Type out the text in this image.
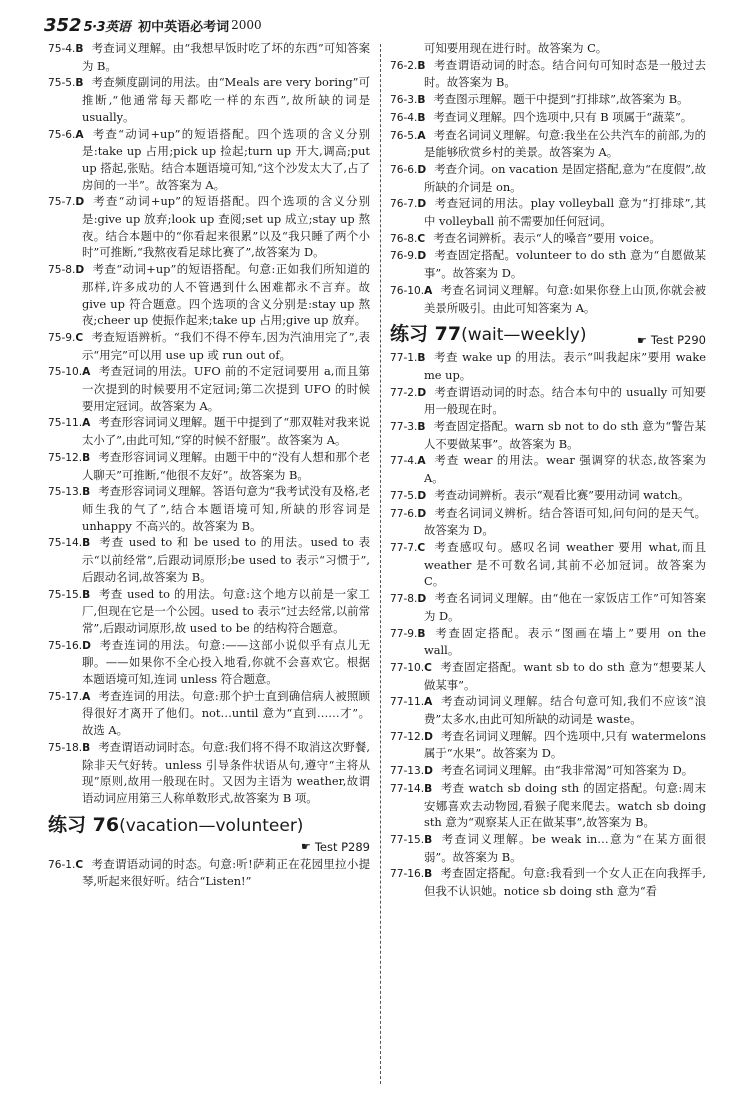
352 5·3英语 初中英语必考词 2000

75-4.B 考查词义理解。由“我想早饭时吃了坏的东西”可知答案为 B。

75-5.B 考查频度副词的用法。由“Meals are very boring”可推断,“他通常每天都吃一样的东西”,故所缺的词是 usually。

75-6.A 考查“动词+up”的短语搭配。四个选项的含义分别是:take up 占用;pick up 捡起;turn up 开大,调高;put up 搭起,张贴。结合本题语境可知,“这个沙发太大了,占了房间的一半”。故答案为 A。

75-7.D 考查“动词+up”的短语搭配。四个选项的含义分别是:give up 放弃;look up 查阅;set up 成立;stay up 熬夜。结合本题中的“你看起来很累”以及“我只睡了两个小时”可推断,“我熬夜看足球比赛了”,故答案为 D。

75-8.D 考查“动词+up”的短语搭配。句意:正如我们所知道的那样,许多成功的人不管遇到什么困难都永不言弃。故 give up 符合题意。四个选项的含义分别是:stay up 熬夜;cheer up 使振作起来;take up 占用;give up 放弃。

75-9.C 考查短语辨析。“我们不得不停车,因为汽油用完了”,表示“用完”可以用 use up 或 run out of。

75-10.A 考查冠词的用法。UFO 前的不定冠词要用 a,而且第一次提到的时候要用不定冠词;第二次提到 UFO 的时候要用定冠词。故答案为 A。

75-11.A 考查形容词词义理解。题干中提到了“那双鞋对我来说太小了”,由此可知,“穿的时候不舒服”。故答案为 A。

75-12.B 考查形容词词义理解。由题干中的“没有人想和那个老人聊天”可推断,“他很不友好”。故答案为 B。

75-13.B 考查形容词词义理解。答语句意为“我考试没有及格,老师生我的气了”,结合本题语境可知,所缺的形容词是 unhappy 不高兴的。故答案为 B。

75-14.B 考查 used to 和 be used to 的用法。used to 表示“以前经常”,后跟动词原形;be used to 表示“习惯于”,后跟动名词,故答案为 B。

75-15.B 考查 used to 的用法。句意:这个地方以前是一家工厂,但现在它是一个公园。used to 表示“过去经常,以前常常”,后跟动词原形,故 used to be 的结构符合题意。

75-16.D 考查连词的用法。句意:——这部小说似乎有点儿无聊。——如果你不全心投入地看,你就不会喜欢它。根据本题语境可知,连词 unless 符合题意。

75-17.A 考查连词的用法。句意:那个护士直到确信病人被照顾得很好才离开了他们。not…until 意为“直到……才”。故选 A。

75-18.B 考查谓语动词时态。句意:我们将不得不取消这次野餐,除非天气好转。unless 引导条件状语从句,遵守“主将从现”原则,故用一般现在时。又因为主语为 weather,故谓语动词应用第三人称单数形式,故答案为 B 项。

练习 76(vacation—volunteer)
☛ Test P289

76-1.C 考查谓语动词的时态。句意:听!萨莉正在花园里拉小提琴,听起来很好听。结合“Listen!”

可知要用现在进行时。故答案为 C。

76-2.B 考查谓语动词的时态。结合问句可知时态是一般过去时。故答案为 B。

76-3.B 考查图示理解。题干中提到“打排球”,故答案为 B。

76-4.B 考查词义理解。四个选项中,只有 B 项属于“蔬菜”。

76-5.A 考查名词词义理解。句意:我坐在公共汽车的前部,为的是能够欣赏乡村的美景。故答案为 A。

76-6.D 考查介词。on vacation 是固定搭配,意为“在度假”,故所缺的介词是 on。

76-7.D 考查冠词的用法。play volleyball 意为“打排球”,其中 volleyball 前不需要加任何冠词。

76-8.C 考查名词辨析。表示“人的嗓音”要用 voice。

76-9.D 考查固定搭配。volunteer to do sth 意为“自愿做某事”。故答案为 D。

76-10.A 考查名词词义理解。句意:如果你登上山顶,你就会被美景所吸引。由此可知答案为 A。

练习 77(wait—weekly)	☛ Test P290

77-1.B 考查 wake up 的用法。表示“叫我起床”要用 wake me up。

77-2.D 考查谓语动词的时态。结合本句中的 usually 可知要用一般现在时。

77-3.B 考查固定搭配。warn sb not to do sth 意为“警告某人不要做某事”。故答案为 B。

77-4.A 考查 wear 的用法。wear 强调穿的状态,故答案为 A。

77-5.D 考查动词辨析。表示“观看比赛”要用动词 watch。

77-6.D 考查名词词义辨析。结合答语可知,问句问的是天气。故答案为 D。

77-7.C 考查感叹句。感叹名词 weather 要用 what,而且 weather 是不可数名词,其前不必加冠词。故答案为 C。

77-8.D 考查名词词义理解。由“他在一家饭店工作”可知答案为 D。

77-9.B 考查固定搭配。表示“图画在墙上”要用 on the wall。

77-10.C 考查固定搭配。want sb to do sth 意为“想要某人做某事”。

77-11.A 考查动词词义理解。结合句意可知,我们不应该“浪费”太多水,由此可知所缺的动词是 waste。

77-12.D 考查名词词义理解。四个选项中,只有 watermelons 属于“水果”。故答案为 D。

77-13.D 考查名词词义理解。由“我非常渴”可知答案为 D。

77-14.B 考查 watch sb doing sth 的固定搭配。句意:周末安娜喜欢去动物园,看猴子爬来爬去。watch sb doing sth 意为“观察某人正在做某事”,故答案为 B。

77-15.B 考查词义理解。be weak in…意为“在某方面很弱”。故答案为 B。

77-16.B 考查固定搭配。句意:我看到一个女人正在向我挥手,但我不认识她。notice sb doing sth 意为“看
